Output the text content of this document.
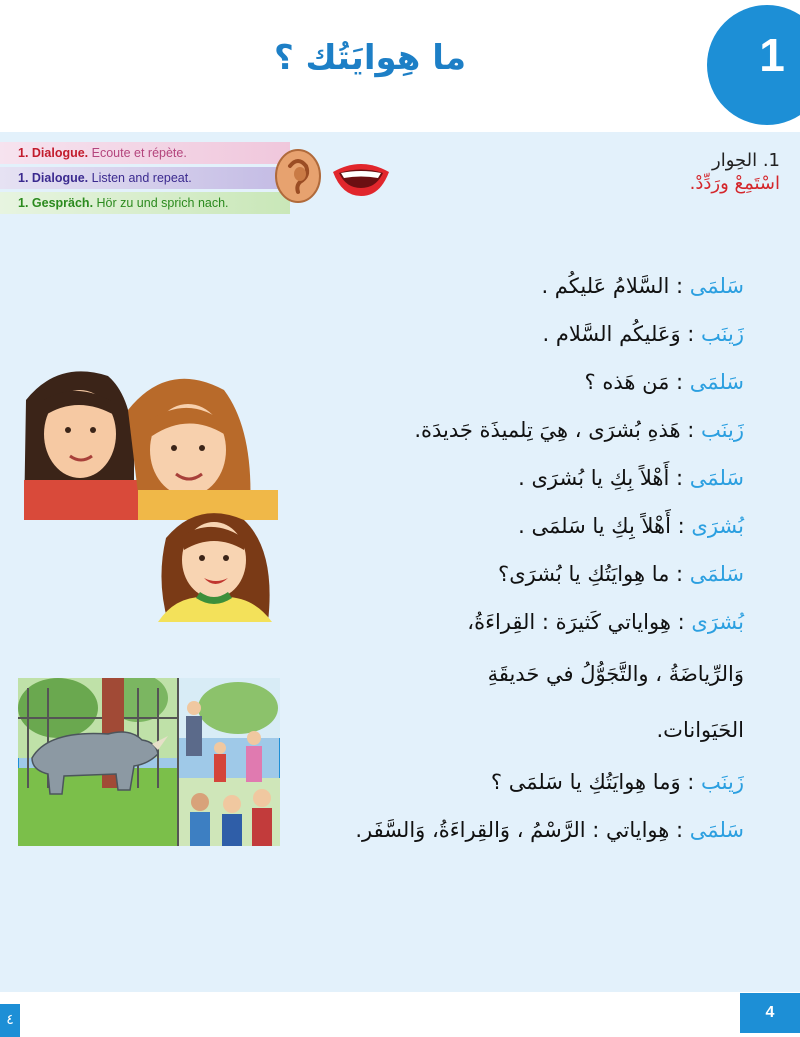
ما هِوايَتُك ؟	1
1. Dialogue. Ecoute et répète.
1. Dialogue. Listen and repeat.
1. Gespräch. Hör zu und sprich nach.
1. الحِوار
اسْتَمِعْ ورَدِّدْ.
سَلمَى : السَّلامُ عَليكُم .
زَينَب : وَعَليكُم السَّلام .
سَلمَى : مَن هَذه ؟
زَينَب : هَذهِ بُشرَى ، هِيَ تِلميذَة جَديدَة.
سَلمَى : أَهْلاً بِكِ يا بُشرَى .
بُشرَى : أَهْلاً بِكِ يا سَلمَى .
سَلمَى : ما هِوايَتُكِ يا بُشرَى؟
بُشرَى : هِواياتي كَثيرَة : القِراءَةُ،
وَالرِّياضَةُ ، والتَّجَوُّلُ في حَديقَةِ
الحَيَوانات.
زَينَب : وَما هِوايَتُكِ يا سَلمَى ؟
سَلمَى : هِواياتي : الرَّسْمُ ، وَالقِراءَةُ، وَالسَّفَر.
٤	4
